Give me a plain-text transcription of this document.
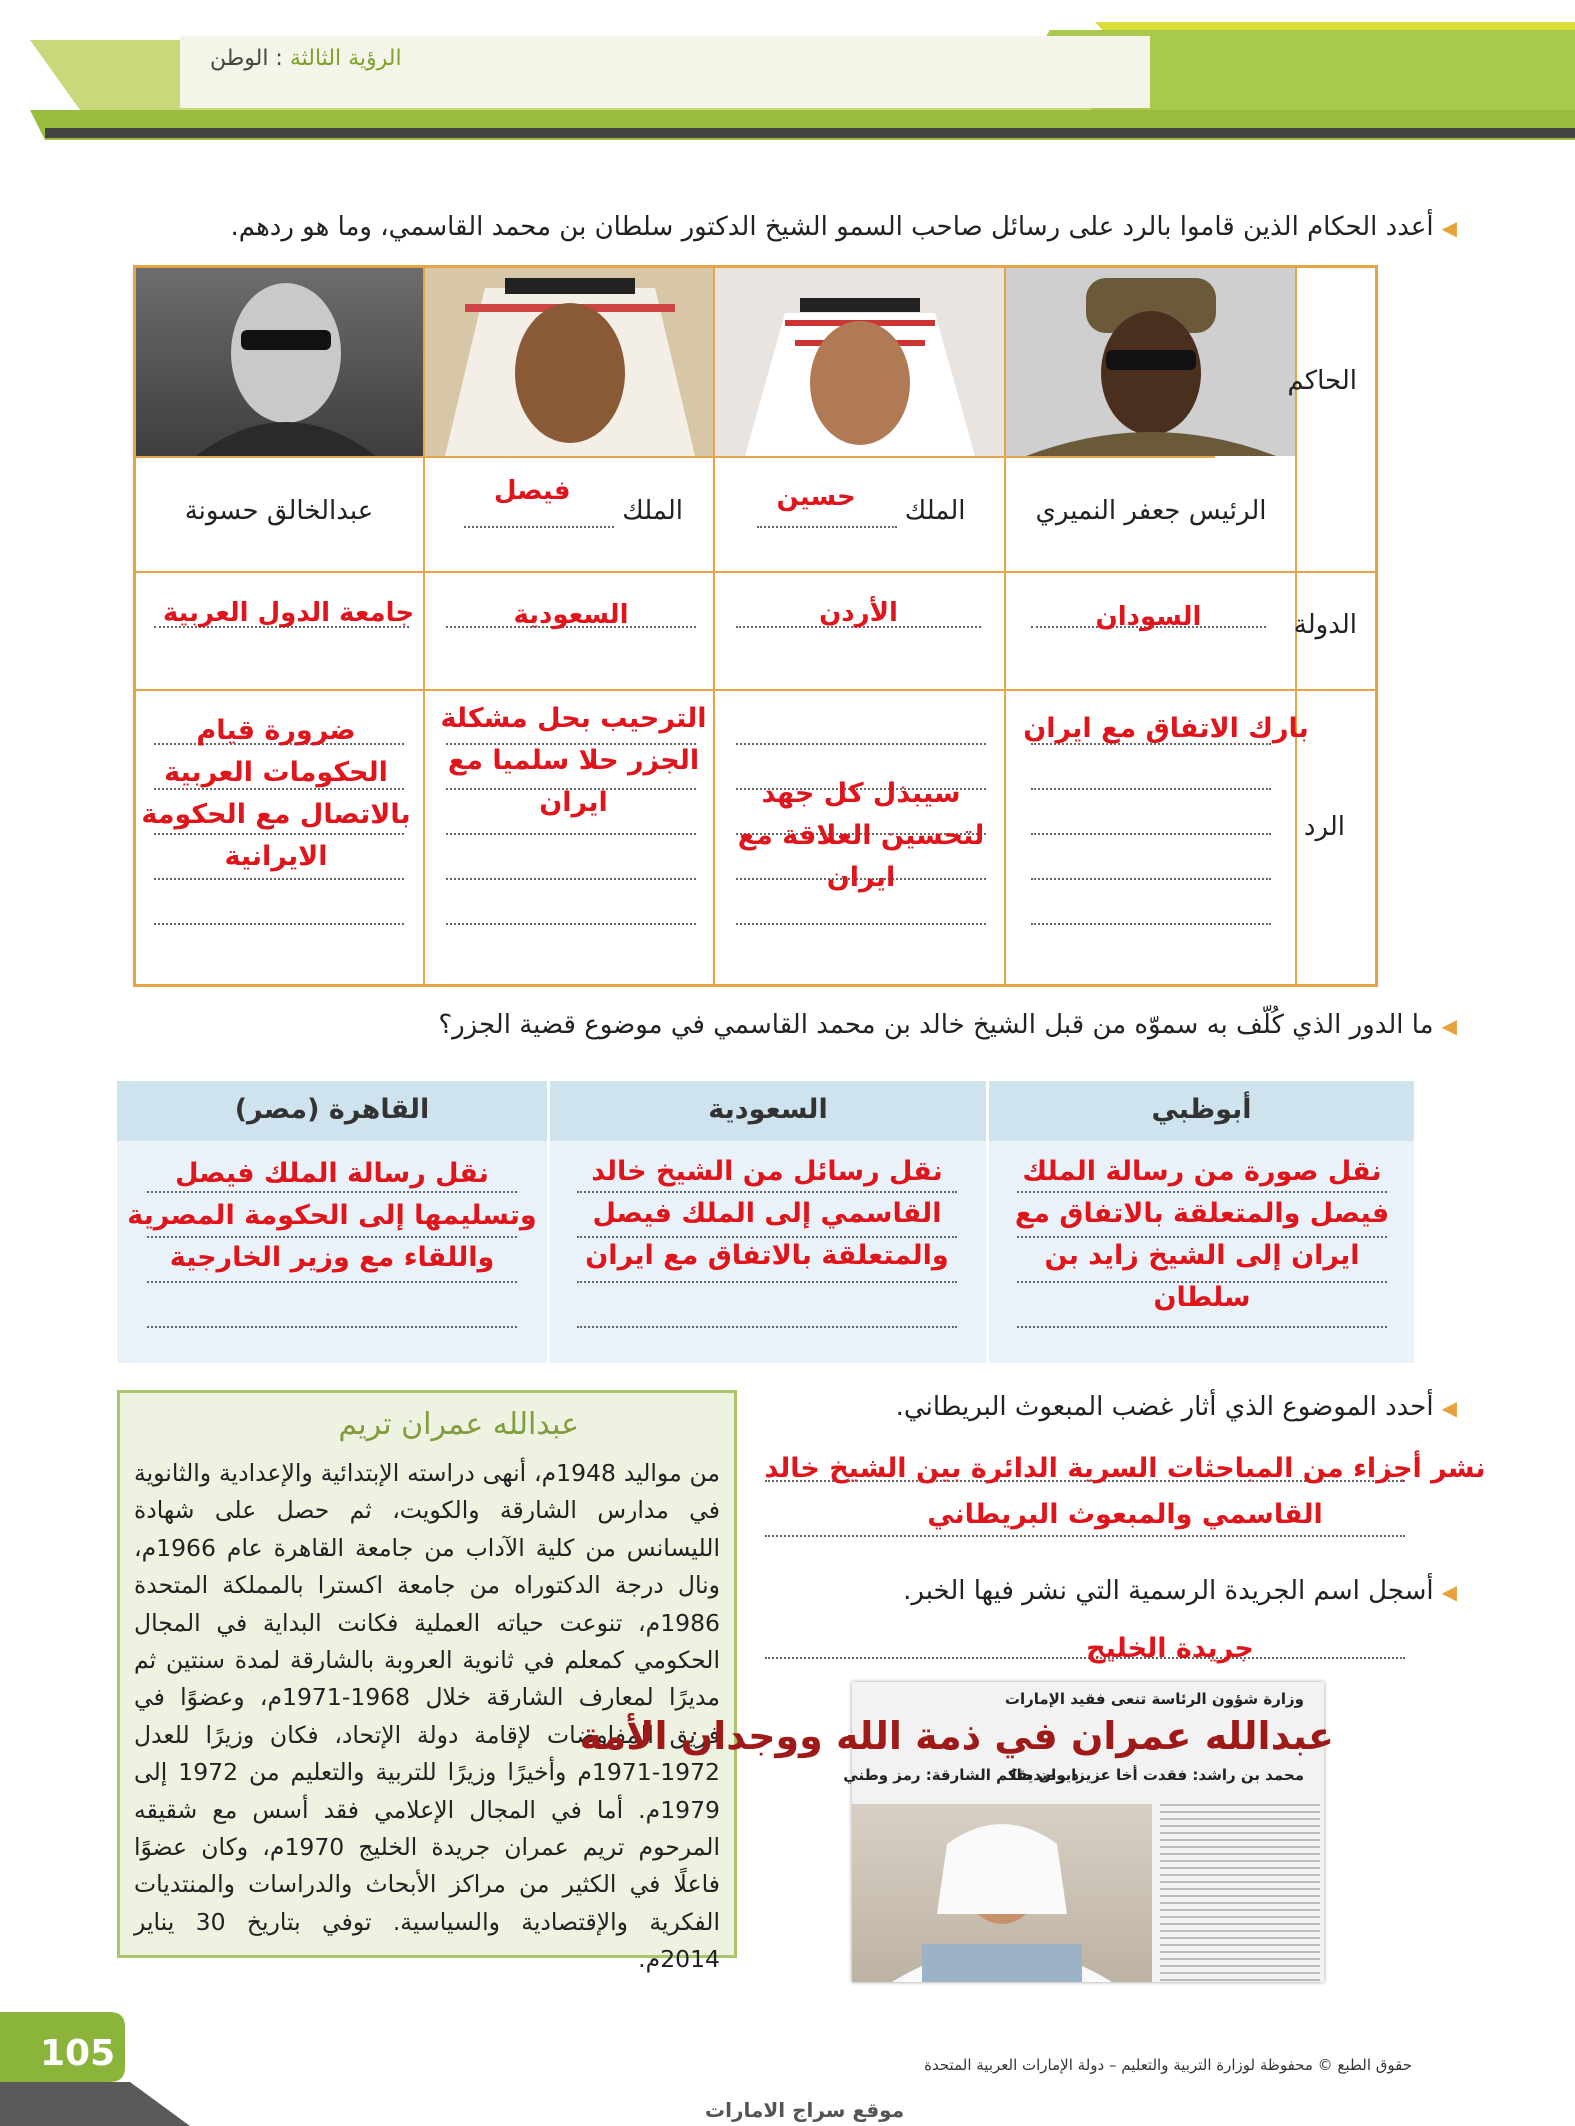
الرؤية الثالثة : الوطن
◀أعدد الحكام الذين قاموا بالرد على رسائل صاحب السمو الشيخ الدكتور سلطان بن محمد القاسمي، وما هو ردهم.
الحاكم
الدولة
الرد
الرئيس جعفر النميري
الملك
حسين

الملك
فيصل

عبدالخالق حسونة
السودان
الأردن
السعودية
جامعة الدول العربية
بارك الاتفاق مع ايران
سيبذل كل جهد لتحسين العلاقة مع ايران
الترحيب بحل مشكلة الجزر حلا سلميا مع ايران
ضرورة قيام الحكومات العربية بالاتصال مع الحكومة الايرانية
◀ما الدور الذي كُلّف به سموّه من قبل الشيخ خالد بن محمد القاسمي في موضوع قضية الجزر؟
أبوظبي
السعودية
القاهرة (مصر)
نقل صورة من رسالة الملك فيصل والمتعلقة بالاتفاق مع ايران إلى الشيخ زايد بن سلطان
نقل رسائل من الشيخ خالد القاسمي إلى الملك فيصل والمتعلقة بالاتفاق مع ايران
نقل رسالة الملك فيصل وتسليمها إلى الحكومة المصرية واللقاء مع وزير الخارجية
◀أحدد الموضوع الذي أثار غضب المبعوث البريطاني.
نشر أجزاء من المباحثات السرية الدائرة بين الشيخ خالد القاسمي والمبعوث البريطاني
◀أسجل اسم الجريدة الرسمية التي نشر فيها الخبر.
جريدة الخليج
عبدالله عمران تريم
من مواليد 1948م، أنهى دراسته الإبتدائية والإعدادية والثانوية في مدارس الشارقة والكويت، ثم حصل على شهادة الليسانس من كلية الآداب من جامعة القاهرة عام 1966م، ونال درجة الدكتوراه من جامعة اكسترا بالمملكة المتحدة 1986م، تنوعت حياته العملية فكانت البداية في المجال الحكومي كمعلم في ثانوية العروبة بالشارقة لمدة سنتين ثم مديرًا لمعارف الشارقة خلال 1968-1971م، وعضوًا في فريق المفاوضات لإقامة دولة الإتحاد، فكان وزيرًا للعدل 1972-1971م وأخيرًا وزيرًا للتربية والتعليم من 1972 إلى 1979م. أما في المجال الإعلامي فقد أسس مع شقيقه المرحوم تريم عمران جريدة الخليج 1970م، وكان عضوًا فاعلًا في الكثير من مراكز الأبحاث والدراسات والمنتديات الفكرية والإقتصادية والسياسية. توفي بتاريخ 30 يناير 2014م.
وزارة شؤون الرئاسة تنعى فقيد الإمارات
عبدالله عمران في ذمة الله ووجدان الأمة
محمد بن راشد: فقدت أخا عزيزا وصديقا
ديوان حاكم الشارقة: رمز وطني
105	حقوق الطبع © محفوظة لوزارة التربية والتعليم – دولة الإمارات العربية المتحدة
موقع سراج الامارات
